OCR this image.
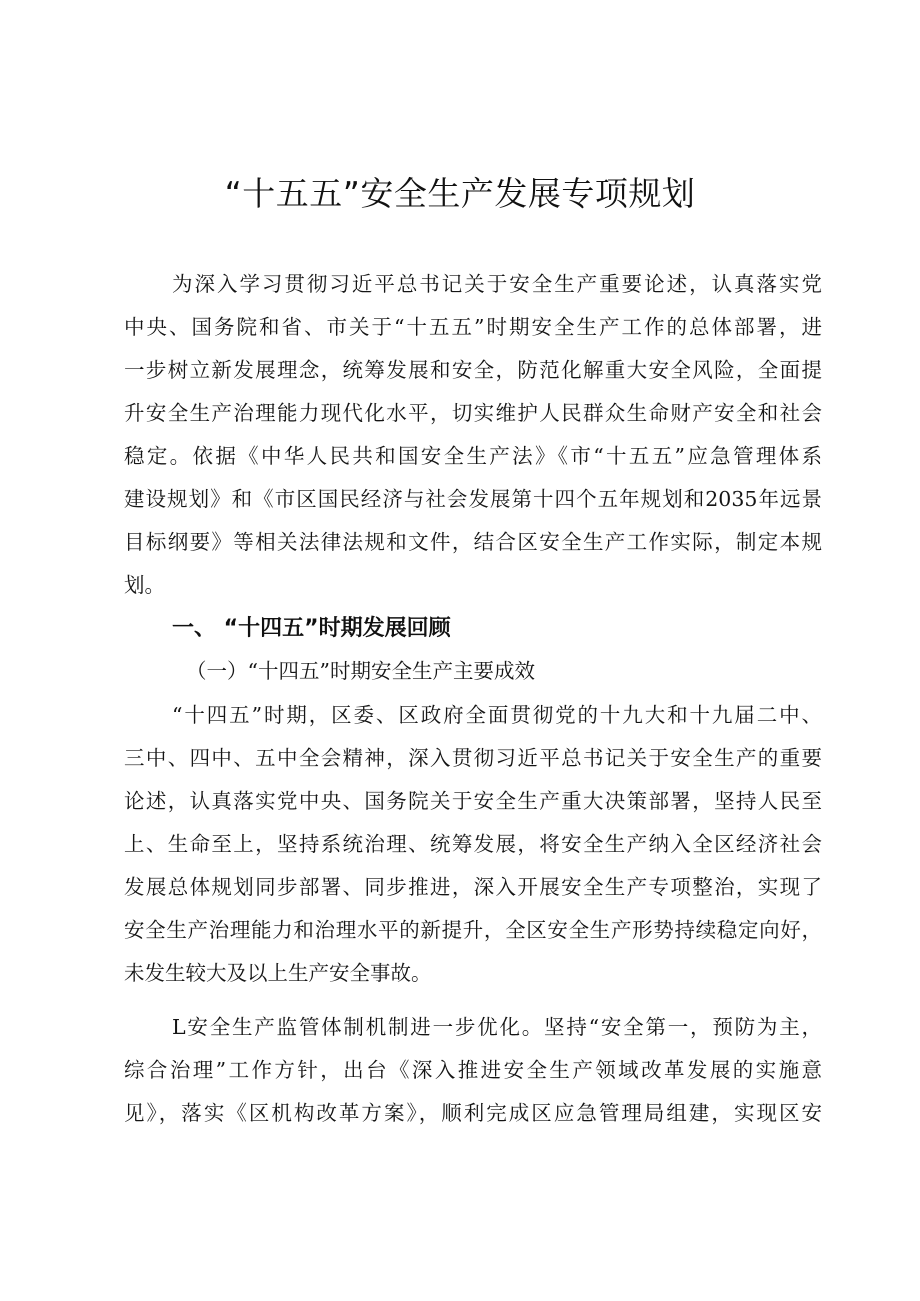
“十五五”安全生产发展专项规划
为深入学习贯彻习近平总书记关于安全生产重要论述，认真落实党
中央、国务院和省、市关于“十五五”时期安全生产工作的总体部署，进
一步树立新发展理念，统筹发展和安全，防范化解重大安全风险，全面提
升安全生产治理能力现代化水平，切实维护人民群众生命财产安全和社会
稳定。依据《中华人民共和国安全生产法》《市“十五五”应急管理体系
建设规划》和《市区国民经济与社会发展第十四个五年规划和2035年远景
目标纲要》等相关法律法规和文件，结合区安全生产工作实际，制定本规
划。
一、 “十四五”时期发展回顾
（一）“十四五”时期安全生产主要成效
“十四五”时期，区委、区政府全面贯彻党的十九大和十九届二中、
三中、四中、五中全会精神，深入贯彻习近平总书记关于安全生产的重要
论述，认真落实党中央、国务院关于安全生产重大决策部署，坚持人民至
上、生命至上，坚持系统治理、统筹发展，将安全生产纳入全区经济社会
发展总体规划同步部署、同步推进，深入开展安全生产专项整治，实现了
安全生产治理能力和治理水平的新提升，全区安全生产形势持续稳定向好，
未发生较大及以上生产安全事故。
L安全生产监管体制机制进一步优化。坚持“安全第一，预防为主，
综合治理”工作方针，出台《深入推进安全生产领域改革发展的实施意
见》，落实《区机构改革方案》，顺利完成区应急管理局组建，实现区安
